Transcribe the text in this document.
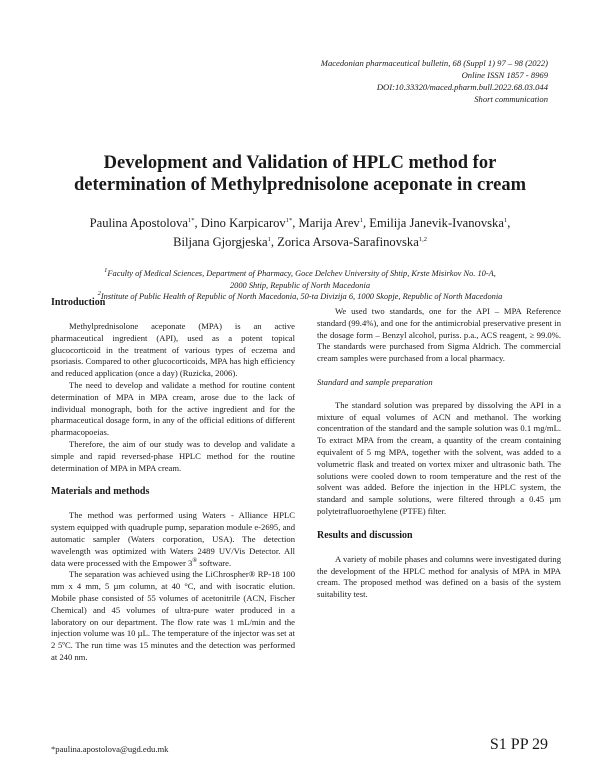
Macedonian pharmaceutical bulletin, 68 (Suppl 1) 97 – 98 (2022)
Online ISSN 1857 - 8969
DOI:10.33320/maced.pharm.bull.2022.68.03.044
Short communication
Development and Validation of HPLC method for
determination of Methylprednisolone aceponate in cream
Paulina Apostolova$^{1*}$, Dino Karpicarov$^{1*}$, Marija Arev$^1$, Emilija Janevik-Ivanovska$^1$,
Biljana Gjorgjeska$^1$, Zorica Arsova-Sarafinovska$^{1,2}$
$^1$Faculty of Medical Sciences, Department of Pharmacy, Goce Delchev University of Shtip, Krste Misirkov No. 10-A,
2000 Shtip, Republic of North Macedonia
$^2$Institute of Public Health of Republic of North Macedonia, 50-ta Divizija 6, 1000 Skopje, Republic of North Macedonia
Introduction

Methylprednisolone aceponate (MPA) is an active pharmaceutical ingredient (API), used as a potent topical glucocorticoid in the treatment of various types of eczema and psoriasis. Compared to other glucocorticoids, MPA has high efficiency and reduced application (once a day) (Ruzicka, 2006).

The need to develop and validate a method for routine content determination of MPA in MPA cream, arose due to the lack of individual monograph, both for the active ingredient and for the pharmaceutical dosage form, in any of the official editions of different pharmacopoeias.

Therefore, the aim of our study was to develop and validate a simple and rapid reversed-phase HPLC method for the routine determination of MPA in MPA cream.

Materials and methods

The method was performed using Waters - Alliance HPLC system equipped with quadruple pump, separation module e-2695, and automatic sampler (Waters corporation, USA). The detection wavelength was optimized with Waters 2489 UV/Vis Detector. All data were processed with the Empower 3® software.

The separation was achieved using the LiChrospher® RP-18 100 mm x 4 mm, 5 µm column, at 40 °C, and with isocratic elution. Mobile phase consisted of 55 volumes of acetonitrile (ACN, Fischer Chemical) and 45 volumes of ultra-pure water produced in a laboratory on our department. The flow rate was 1 mL/min and the injection volume was 10 µL. The temperature of the injector was set at 2 5ºC. The run time was 15 minutes and the detection was performed at 240 nm.

We used two standards, one for the API – MPA Reference standard (99.4%), and one for the antimicrobial preservative present in the dosage form – Benzyl alcohol, puriss. p.a., ACS reagent, ≥ 99.0%. The standards were purchased from Sigma Aldrich. The commercial cream samples were purchased from a local pharmacy.

Standard and sample preparation

The standard solution was prepared by dissolving the API in a mixture of equal volumes of ACN and methanol. The working concentration of the standard and the sample solution was 0.1 mg/mL. To extract MPA from the cream, a quantity of the cream containing equivalent of 5 mg MPA, together with the solvent, was added to a volumetric flask and treated on vortex mixer and ultrasonic bath. The solutions were cooled down to room temperature and the rest of the solvent was added. Before the injection in the HPLC system, the standard and sample solutions, were filtered through a 0.45 µm polytetrafluoroethylene (PTFE) filter.

Results and discussion

A variety of mobile phases and columns were investigated during the development of the HPLC method for analysis of MPA in MPA cream. The proposed method was defined on a basis of the system suitability test.

*paulina.apostolova@ugd.edu.mk	S1 PP 29
